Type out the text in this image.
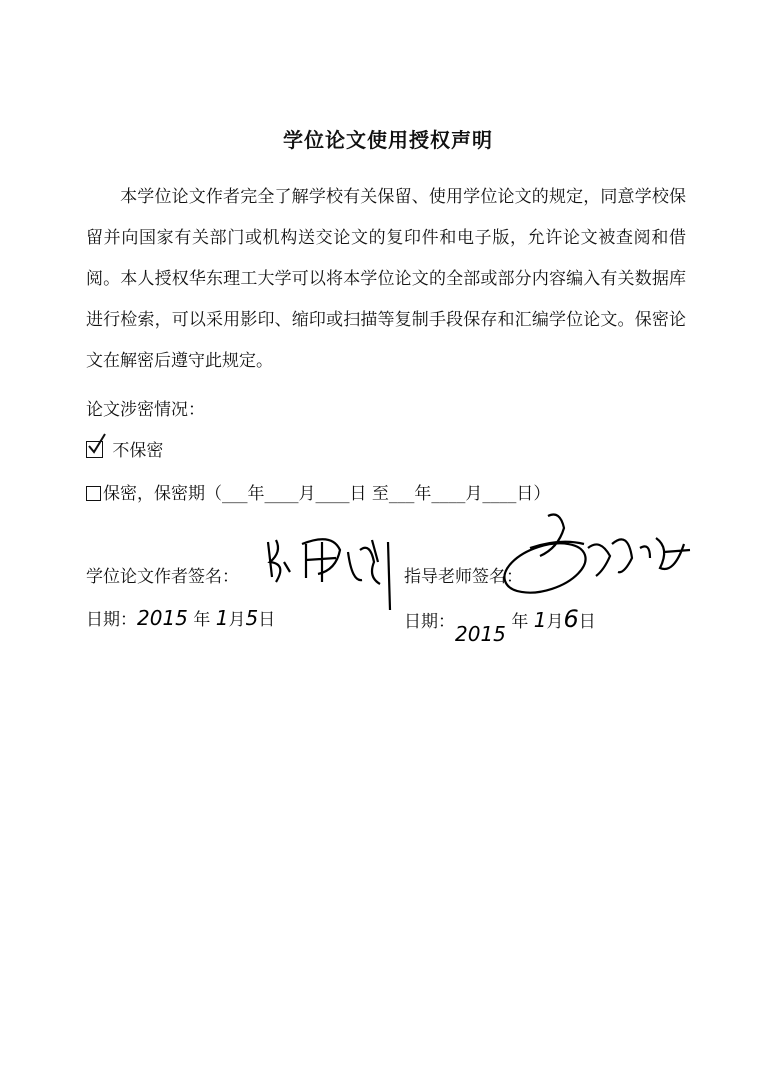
学位论文使用授权声明
本学位论文作者完全了解学校有关保留、使用学位论文的规定，同意学校保留并向国家有关部门或机构送交论文的复印件和电子版，允许论文被查阅和借阅。本人授权华东理工大学可以将本学位论文的全部或部分内容编入有关数据库进行检索，可以采用影印、缩印或扫描等复制手段保存和汇编学位论文。保密论文在解密后遵守此规定。
论文涉密情况：
不保密
保密，保密期（___年____月____日 至___年____月____日）
学位论文作者签名：	指导老师签名：
日期：2015 年 1月5日	日期：2015 年 1月6日
